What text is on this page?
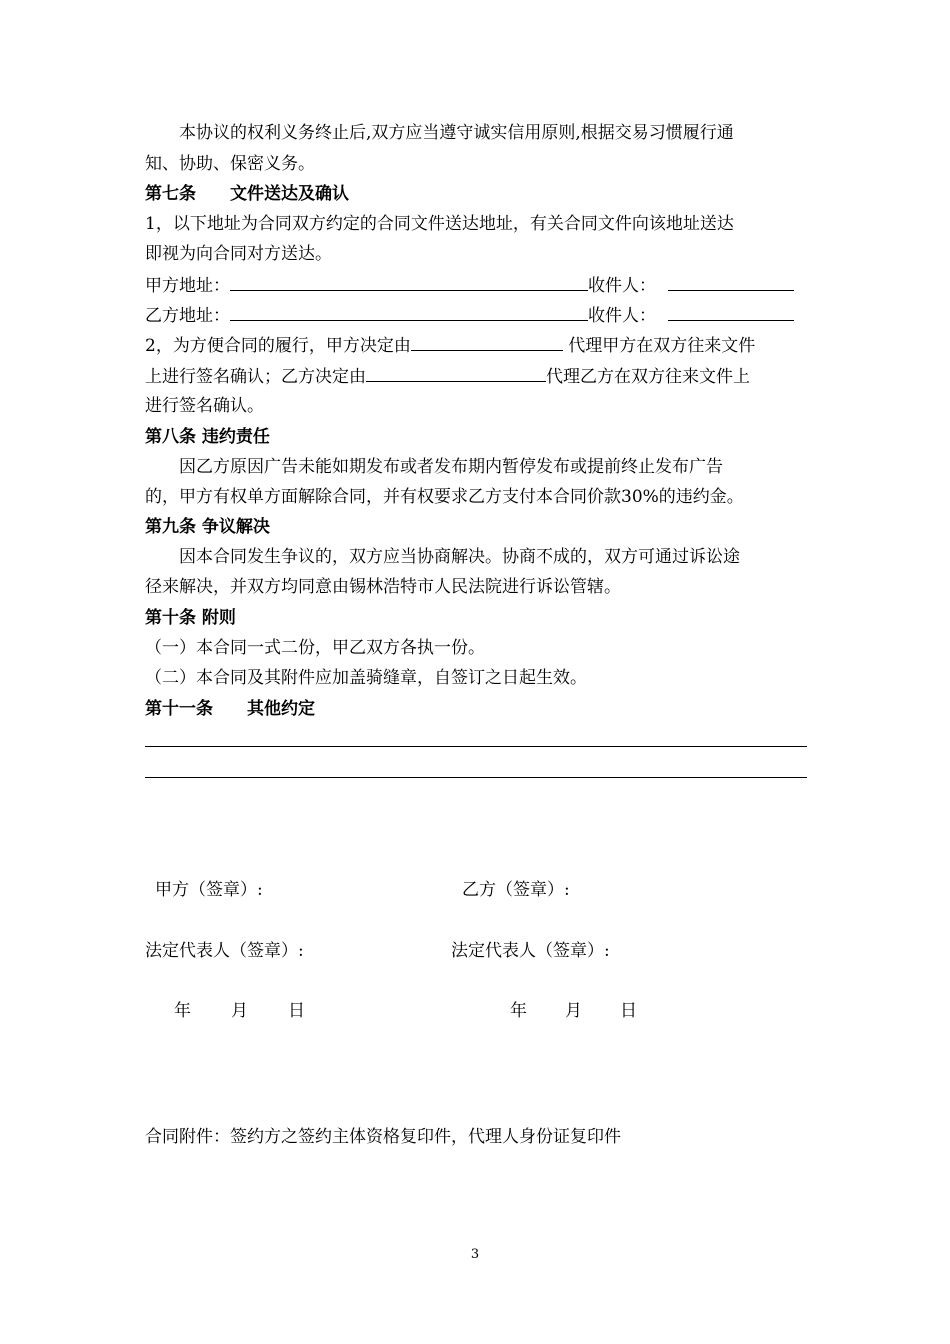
本协议的权利义务终止后,双方应当遵守诚实信用原则,根据交易习惯履行通
知、协助、保密义务。
第七条 文件送达及确认
1，以下地址为合同双方约定的合同文件送达地址，有关合同文件向该地址送达
即视为向合同对方送达。
甲方地址：	收件人：
乙方地址：	收件人：
2，为方便合同的履行，甲方决定由	代理甲方在双方往来文件
上进行签名确认；乙方决定由	代理乙方在双方往来文件上
进行签名确认。
第八条 违约责任
因乙方原因广告未能如期发布或者发布期内暂停发布或提前终止发布广告
的，甲方有权单方面解除合同，并有权要求乙方支付本合同价款30%的违约金。
第九条 争议解决
因本合同发生争议的，双方应当协商解决。协商不成的，双方可通过诉讼途
径来解决，并双方均同意由锡林浩特市人民法院进行诉讼管辖。
第十条 附则
（一）本合同一式二份，甲乙双方各执一份。
（二）本合同及其附件应加盖骑缝章，自签订之日起生效。
第十一条 其他约定
甲方（签章）:	乙方（签章）:
法定代表人（签章）:	法定代表人（签章）:
年 月 日	年 月 日
合同附件：签约方之签约主体资格复印件，代理人身份证复印件
3
